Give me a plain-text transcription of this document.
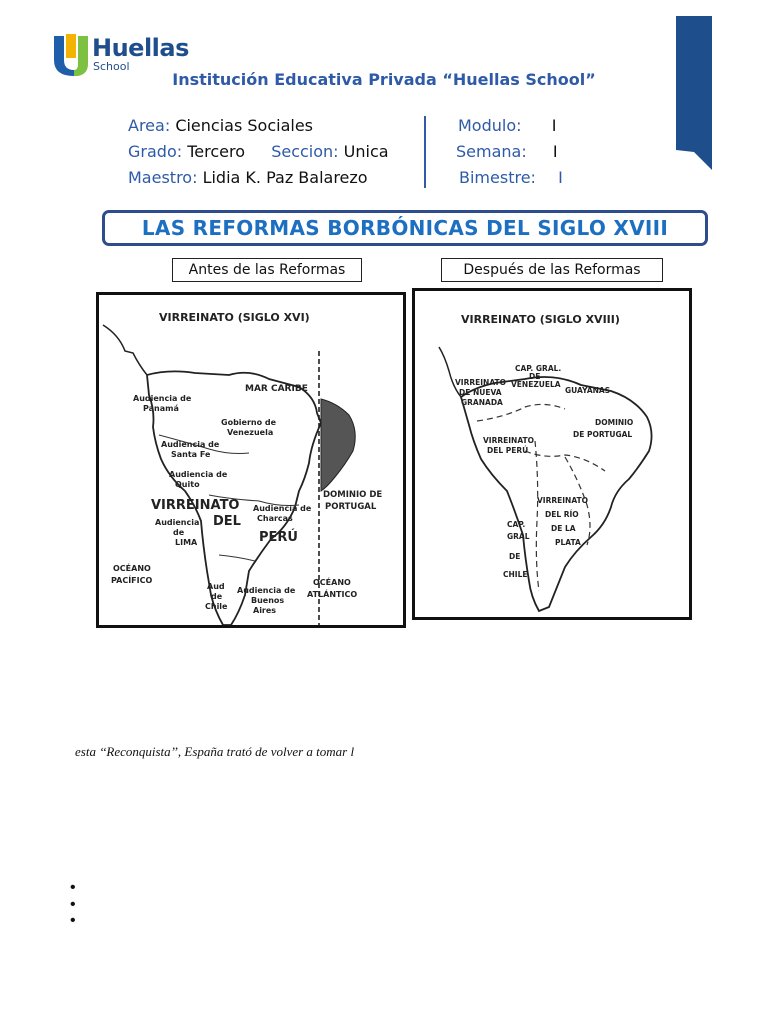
Huellas
School
Institución Educativa Privada “Huellas School”
Area: Ciencias Sociales
Grado: Tercero Seccion: Unica
Maestro: Lidia K. Paz Balarezo
Modulo: I
Semana: I
Bimestre: I
LAS REFORMAS BORBÓNICAS DEL SIGLO XVIII
Antes de las Reformas	Después de las Reformas
VIRREINATO (SIGLO XVI)
MAR CARIBE
Audiencia de
Panamá
Gobierno de
Venezuela
Audiencia de
Santa Fe
Audiencia de
Quito
VIRREINATO
DEL
PERÚ
Audiencia
de
LIMA
Audiencia de
Charcas
DOMINIO DE
PORTUGAL
OCÉANO
PACÍFICO	OCÉANO
ATLÁNTICO
Aud
de
Chile
Audiencia de
Buenos
Aires
VIRREINATO (SIGLO XVIII)
CAP. GRAL.
DE
VENEZUELA
VIRREINATO
DE NUEVA
GRANADA
GUAYANAS
DOMINIO
DE PORTUGAL
VIRREINATO
DEL PERÚ
VIRREINATO
DEL RÍO
DE LA
PLATA
CAP.
GRAL
DE
CHILE
esta ‘‘Reconquista’’, España trató de volver a tomar l
•
•
•
